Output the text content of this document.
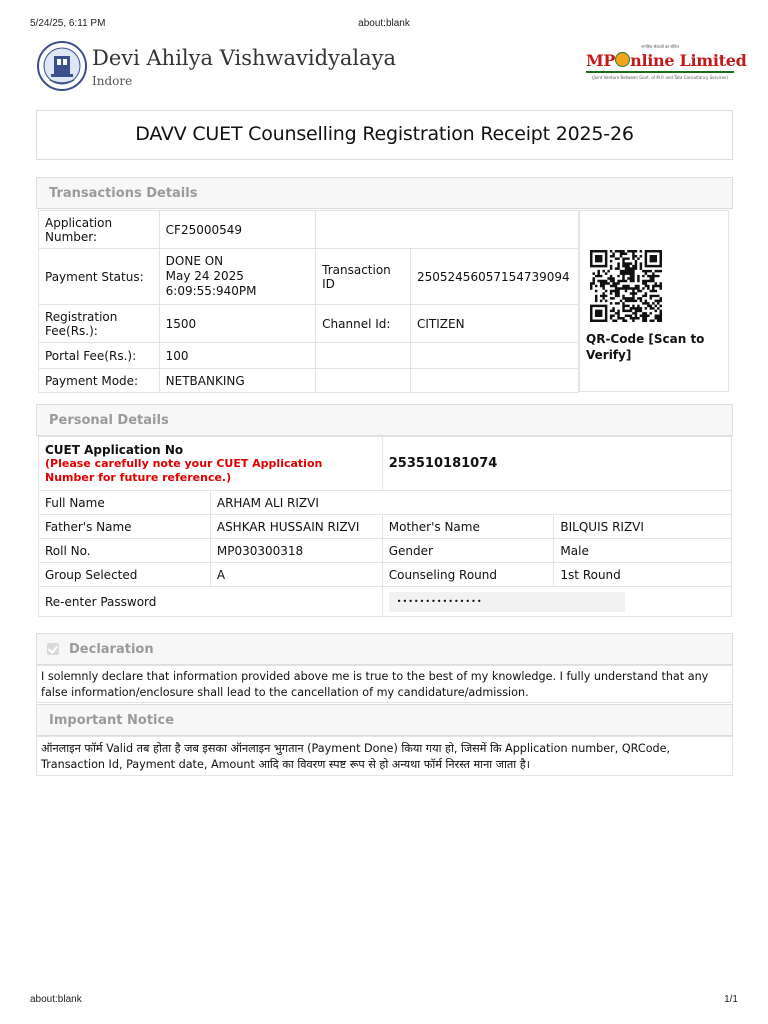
5/24/25, 6:11 PM	about:blank
Devi Ahilya Vishwavidyalaya
Indore
नागरिक सेवाओं का संचित
MP nline Limited
(Joint Venture Between Govt. of M.P. and Tata Consultancy Services)
DAVV CUET Counselling Registration Receipt 2025-26
Transactions Details
Application Number:	CF25000549		
Payment Status:	DONE ON
May 24 2025
6:09:55:940PM	Transaction ID	25052456057154739094
Registration Fee(Rs.):	1500	Channel Id:	CITIZEN
Portal Fee(Rs.):	100		
Payment Mode:	NETBANKING		
QR-Code [Scan to Verify]
Personal Details
CUET Application No
(Please carefully note your CUET Application Number for future reference.)		253510181074	
Full Name	ARHAM ALI RIZVI		
Father's Name	ASHKAR HUSSAIN RIZVI	Mother's Name	BILQUIS RIZVI
Roll No.	MP030300318	Gender	Male
Group Selected	A	Counseling Round	1st Round
Re-enter Password		•••••••••••••••	
Declaration
I solemnly declare that information provided above me is true to the best of my knowledge. I fully understand that any false information/enclosure shall lead to the cancellation of my candidature/admission.
Important Notice
ऑनलाइन फॉर्म Valid तब होता है जब इसका ऑनलाइन भुगतान (Payment Done) किया गया हो, जिसमें कि Application number, QRCode, Transaction Id, Payment date, Amount आदि का विवरण स्पष्ट रूप से हो अन्यथा फॉर्म निरस्त माना जाता है।
about:blank	1/1
